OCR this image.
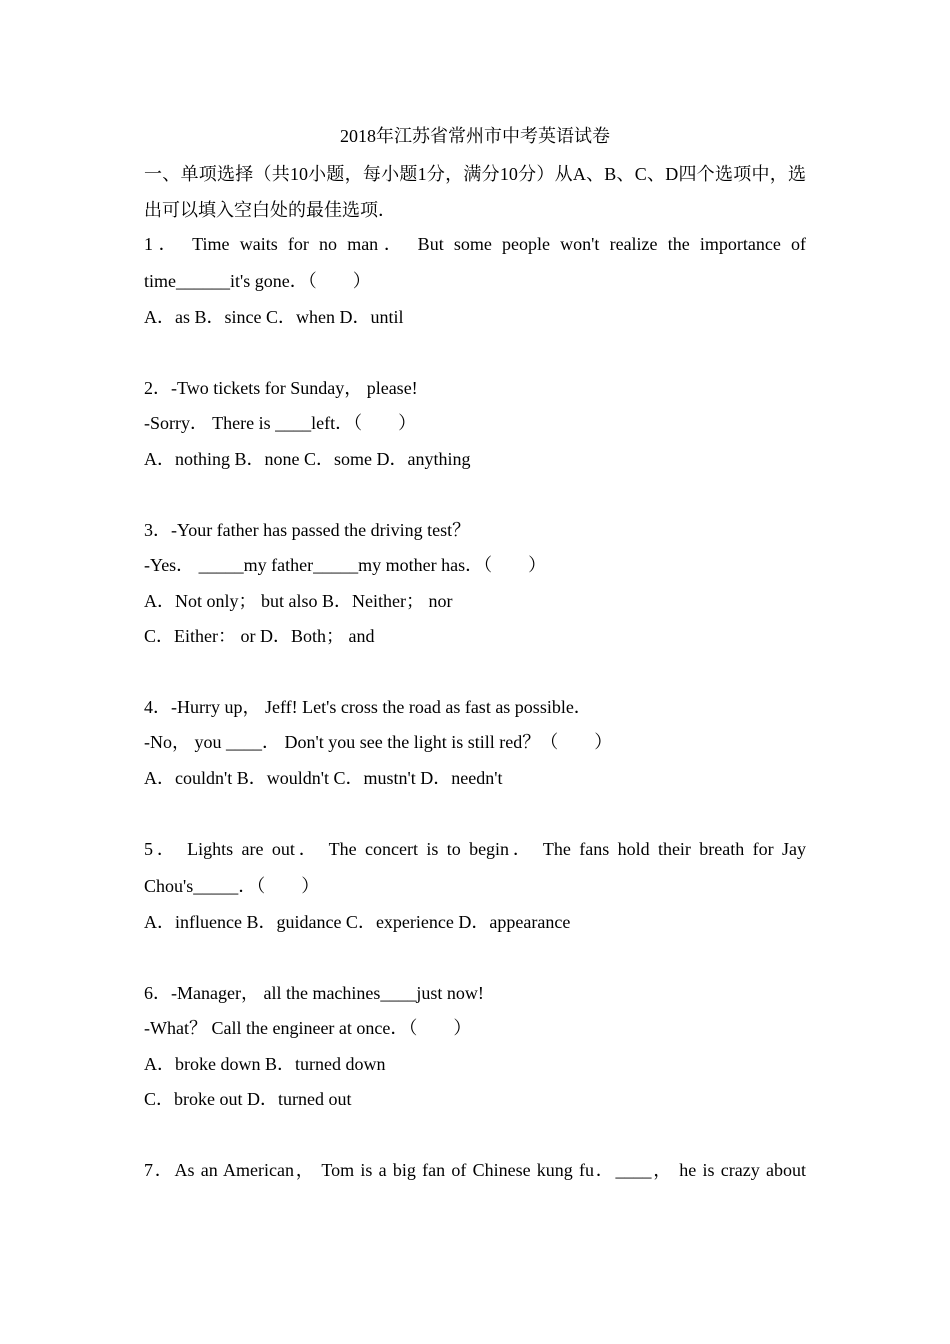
2018年江苏省常州市中考英语试卷
一、单项选择（共10小题，每小题1分，满分10分）从A、B、C、D四个选项中，选出可以填入空白处的最佳选项．
1． Time waits for no man． But some people won't realize the importance of
time______it's gone．（　　）
A．as B．since C．when D．until
2．-Two tickets for Sunday， please!
-Sorry． There is ____left．（　　）
A．nothing B．none C．some D．anything
3．-Your father has passed the driving test？
-Yes． _____my father_____my mother has．（　　）
A．Not only； but also B．Neither； nor
C．Either： or D．Both； and
4．-Hurry up， Jeff! Let's cross the road as fast as possible．
-No， you ____． Don't you see the light is still red？（　　）
A．couldn't B．wouldn't C．mustn't D．needn't
5． Lights are out． The concert is to begin． The fans hold their breath for Jay
Chou's_____．（　　）
A．influence B．guidance C．experience D．appearance
6．-Manager， all the machines____just now!
-What？ Call the engineer at once．（　　）
A．broke down B．turned down
C．broke out D．turned out
7．As an American， Tom is a big fan of Chinese kung fu．____， he is crazy about
